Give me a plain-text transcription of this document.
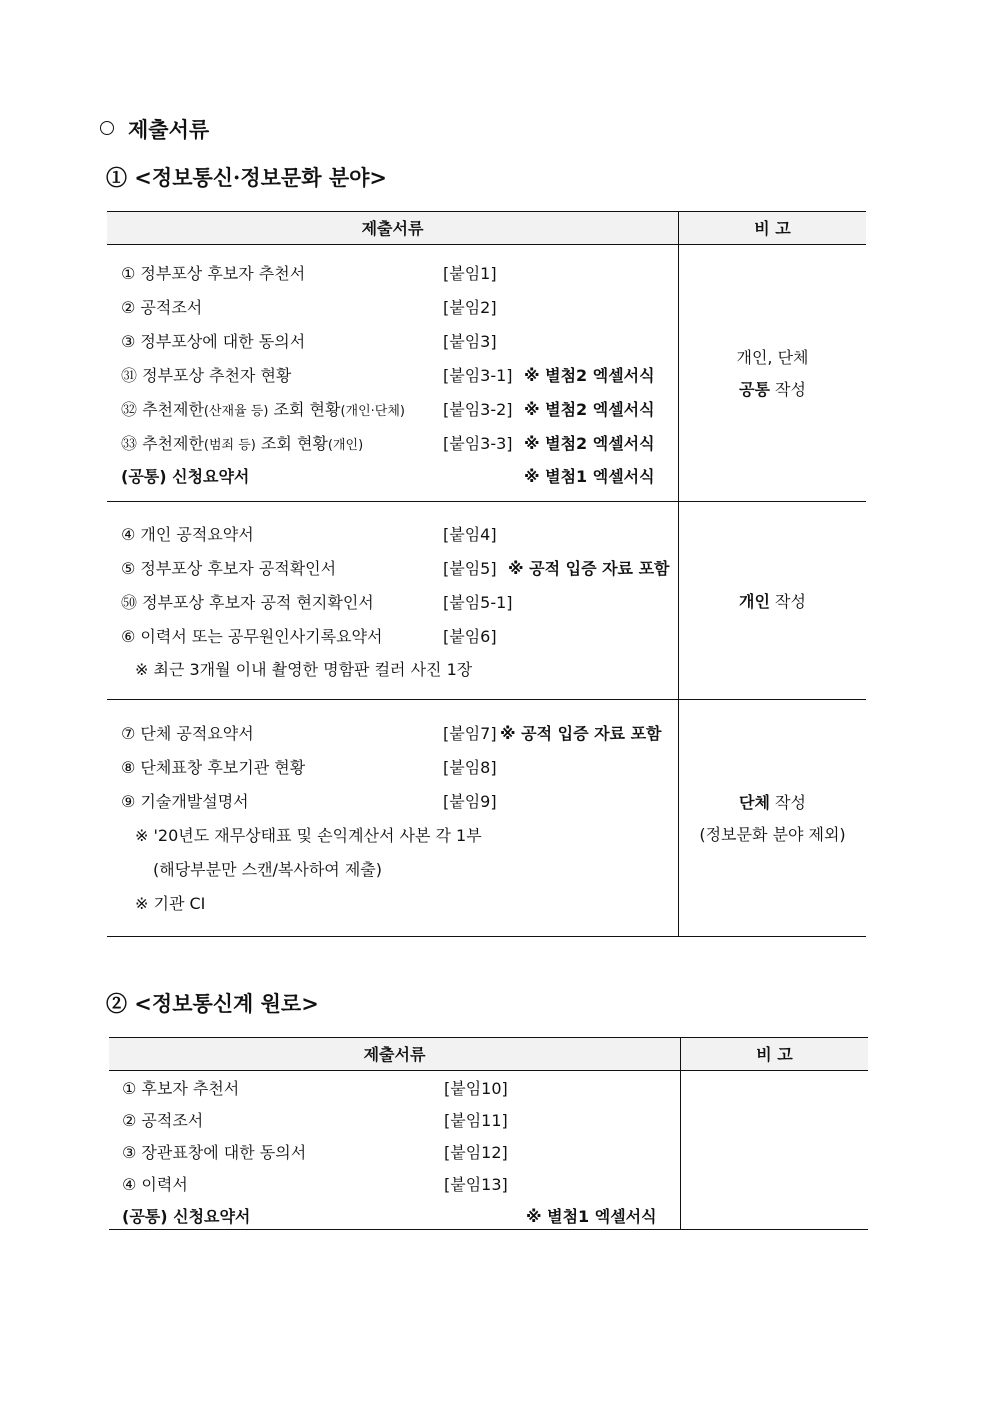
제출서류
① <정보통신·정보문화 분야>
제출서류	비 고
① 정부포상 후보자 추천서	[붙임1]
② 공적조서	[붙임2]
③ 정부포상에 대한 동의서	[붙임3]
㉛ 정부포상 추천자 현황	[붙임3-1] ※ 별첨2 엑셀서식
㉜ 추천제한(산재율 등) 조회 현황(개인·단체) [붙임3-2] ※ 별첨2 엑셀서식
㉝ 추천제한(범죄 등) 조회 현황(개인)	[붙임3-3] ※ 별첨2 엑셀서식
(공통) 신청요약서	※ 별첨1 엑셀서식
개인, 단체
공통 작성
④ 개인 공적요약서	[붙임4]
⑤ 정부포상 후보자 공적확인서	[붙임5] ※ 공적 입증 자료 포함
㊿ 정부포상 후보자 공적 현지확인서	[붙임5-1]
⑥ 이력서 또는 공무원인사기록요약서	[붙임6]
※ 최근 3개월 이내 촬영한 명함판 컬러 사진 1장
개인 작성
⑦ 단체 공적요약서	[붙임7] ※ 공적 입증 자료 포함
⑧ 단체표창 후보기관 현황	[붙임8]
⑨ 기술개발설명서	[붙임9]
※ '20년도 재무상태표 및 손익계산서 사본 각 1부
(해당부분만 스캔/복사하여 제출)
※ 기관 CI
단체 작성
(정보문화 분야 제외)
② <정보통신계 원로>
제출서류	비 고
① 후보자 추천서	[붙임10]
② 공적조서	[붙임11]
③ 장관표창에 대한 동의서	[붙임12]
④ 이력서	[붙임13]
(공통) 신청요약서	※ 별첨1 엑셀서식
